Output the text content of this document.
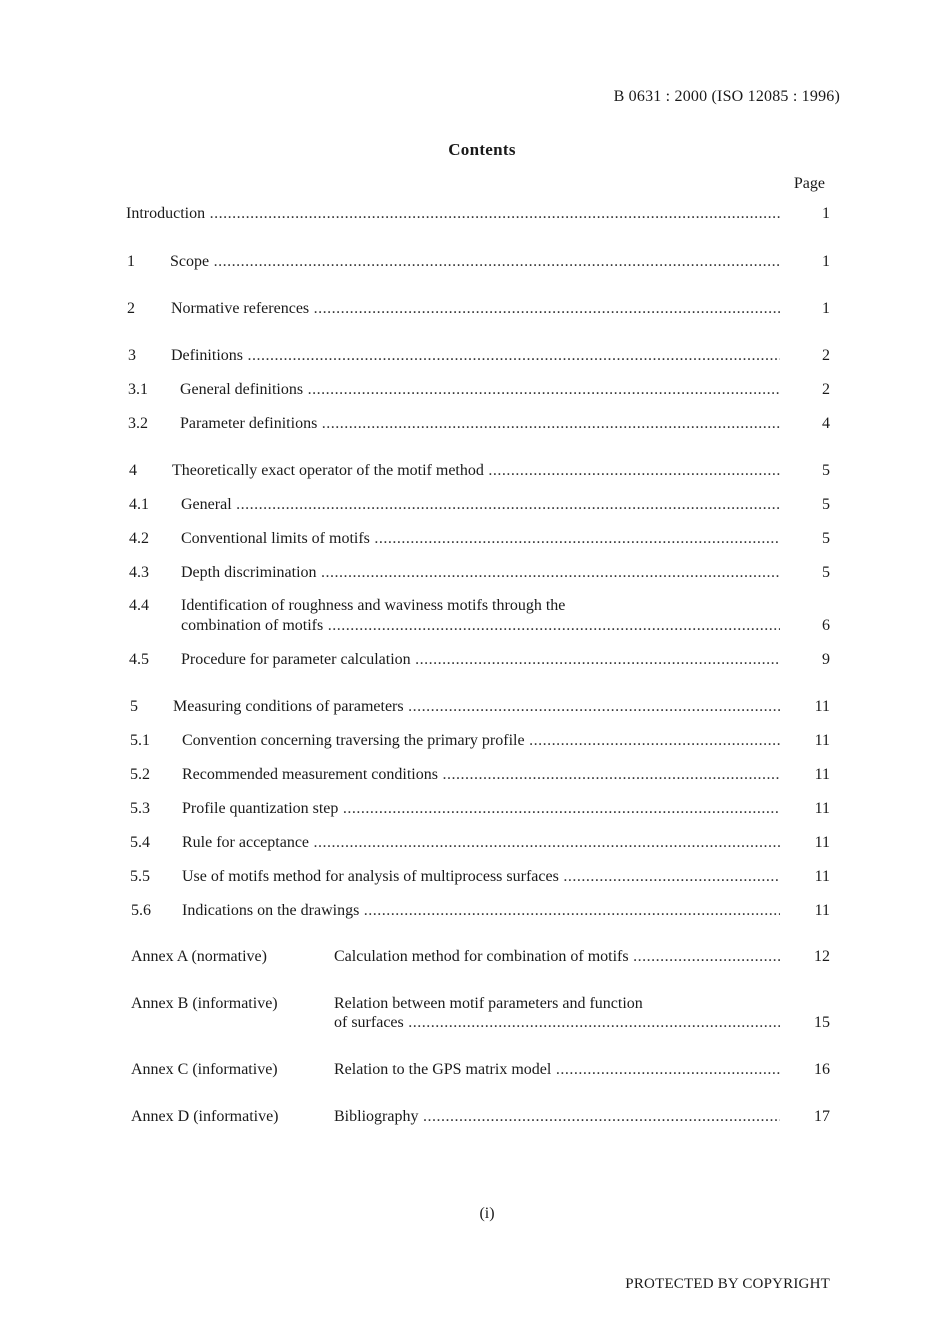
B 0631 : 2000 (ISO 12085 : 1996)
Contents
Page
Introduction .....	1
1 Scope .....	1
2 Normative references .....	1
3 Definitions .....	2
3.1 General definitions .....	2
3.2 Parameter definitions .....	4
4 Theoretically exact operator of the motif method .....	5
4.1 General .....	5
4.2 Conventional limits of motifs .....	5
4.3 Depth discrimination .....	5
4.4 Identification of roughness and waviness motifs through the
combination of motifs .....	6
4.5 Procedure for parameter calculation .....	9
5 Measuring conditions of parameters .....	11
5.1 Convention concerning traversing the primary profile .....	11
5.2 Recommended measurement conditions .....	11
5.3 Profile quantization step .....	11
5.4 Rule for acceptance .....	11
5.5 Use of motifs method for analysis of multiprocess surfaces .....	11
5.6 Indications on the drawings .....	11
Annex A (normative)	Calculation method for combination of motifs .....	12
Annex B (informative)	Relation between motif parameters and function
of surfaces .....	15
Annex C (informative)	Relation to the GPS matrix model .....	16
Annex D (informative)	Bibliography .....	17
(i)
PROTECTED BY COPYRIGHT
